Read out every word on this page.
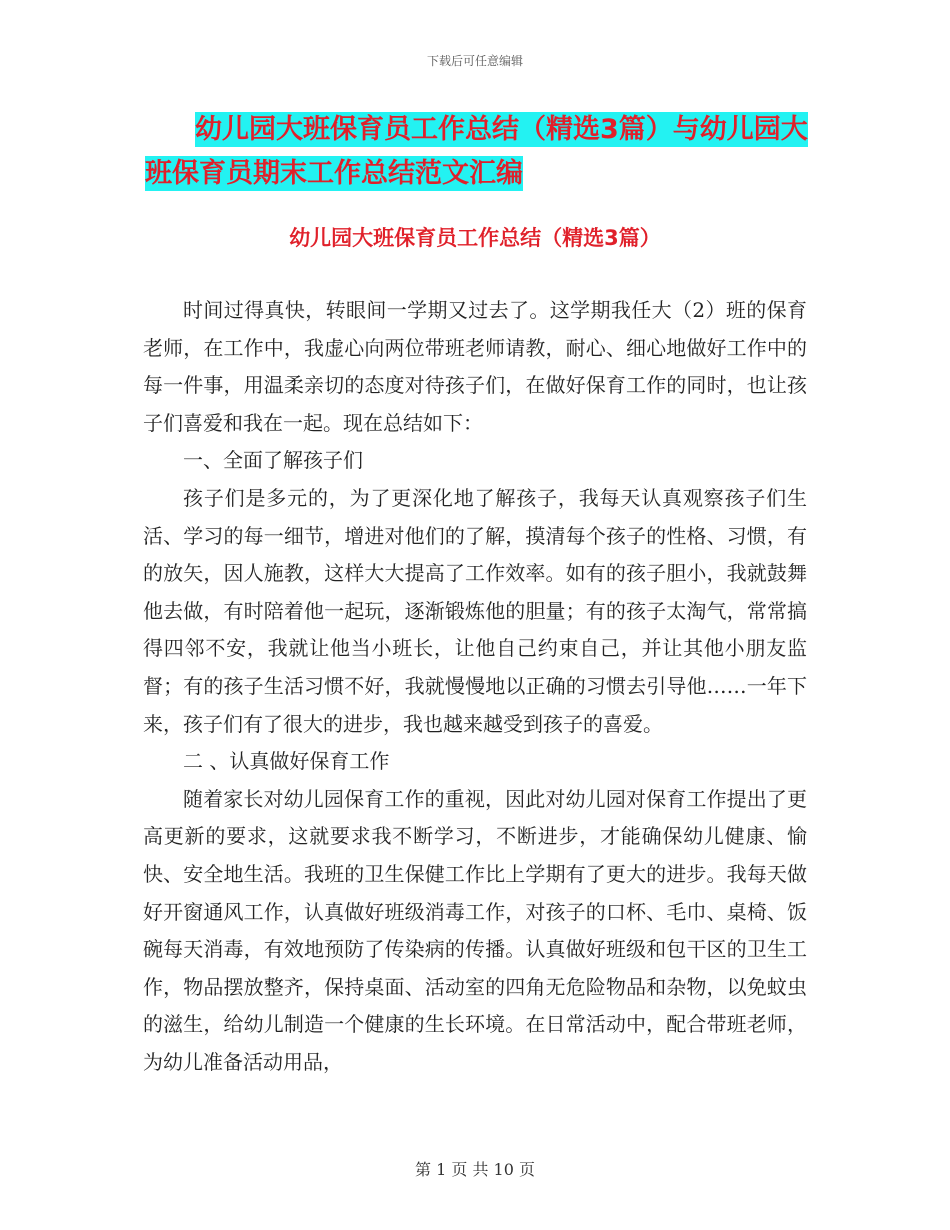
下载后可任意编辑
幼儿园大班保育员工作总结（精选3篇）与幼儿园大
班保育员期末工作总结范文汇编
幼儿园大班保育员工作总结（精选3篇）

时间过得真快，转眼间一学期又过去了。这学期我任大（2）班的保育老师，在工作中，我虚心向两位带班老师请教，耐心、细心地做好工作中的每一件事，用温柔亲切的态度对待孩子们，在做好保育工作的同时，也让孩子们喜爱和我在一起。现在总结如下：

一、全面了解孩子们

孩子们是多元的，为了更深化地了解孩子，我每天认真观察孩子们生活、学习的每一细节，增进对他们的了解，摸清每个孩子的性格、习惯，有的放矢，因人施教，这样大大提高了工作效率。如有的孩子胆小，我就鼓舞他去做，有时陪着他一起玩，逐渐锻炼他的胆量；有的孩子太淘气，常常搞得四邻不安，我就让他当小班长，让他自己约束自己，并让其他小朋友监督；有的孩子生活习惯不好，我就慢慢地以正确的习惯去引导他……一年下来，孩子们有了很大的进步，我也越来越受到孩子的喜爱。

二 、认真做好保育工作

随着家长对幼儿园保育工作的重视，因此对幼儿园对保育工作提出了更高更新的要求，这就要求我不断学习，不断进步，才能确保幼儿健康、愉快、安全地生活。我班的卫生保健工作比上学期有了更大的进步。我每天做好开窗通风工作，认真做好班级消毒工作，对孩子的口杯、毛巾、桌椅、饭碗每天消毒，有效地预防了传染病的传播。认真做好班级和包干区的卫生工作，物品摆放整齐，保持桌面、活动室的四角无危险物品和杂物，以免蚊虫的滋生，给幼儿制造一个健康的生长环境。在日常活动中，配合带班老师，为幼儿准备活动用品，

第 1 页 共 10 页
